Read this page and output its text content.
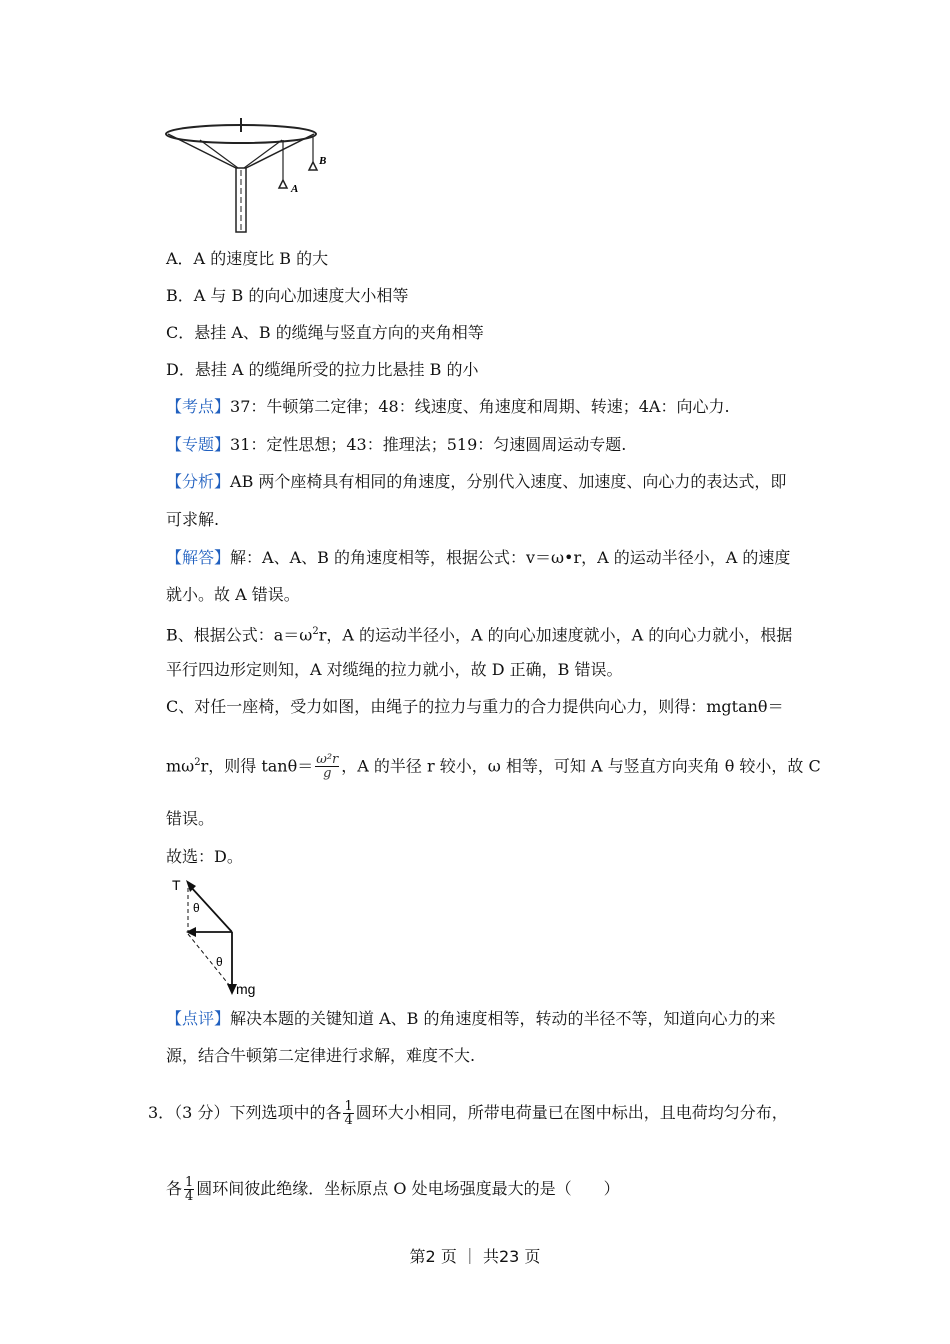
A
B
A．A 的速度比 B 的大
B．A 与 B 的向心加速度大小相等
C．悬挂 A、B 的缆绳与竖直方向的夹角相等
D．悬挂 A 的缆绳所受的拉力比悬挂 B 的小
【考点】37：牛顿第二定律；48：线速度、角速度和周期、转速；4A：向心力.
【专题】31：定性思想；43：推理法；519：匀速圆周运动专题.
【分析】AB 两个座椅具有相同的角速度，分别代入速度、加速度、向心力的表达式，即
可求解.
【解答】解：A、A、B 的角速度相等，根据公式：v＝ω•r，A 的运动半径小，A 的速度
就小。故 A 错误。
B、根据公式：$a=\omega^2r$，A 的运动半径小，A 的向心加速度就小，A 的向心力就小，根据
平行四边形定则知，A 对缆绳的拉力就小，故 D 正确，B 错误。
C、对任一座椅，受力如图，由绳子的拉力与重力的合力提供向心力，则得：mgtanθ＝
$m\omega^2r$，则得 $\tan\theta= \frac{\text{ω²r}}{g}$ ，A 的半径 r 较小，ω 相等，可知 A 与竖直方向夹角 θ 较小，故 C
错误。
故选：D。
T
θ
θ
mg
【点评】解决本题的关键知道 A、B 的角速度相等，转动的半径不等，知道向心力的来
源，结合牛顿第二定律进行求解，难度不大.
3．（3 分）下列选项中的各 $\frac{1}{4}$ 圆环大小相同，所带电荷量已在图中标出，且电荷均匀分布，
各 $\frac{1}{4}$ 圆环间彼此绝缘．坐标原点 O 处电场强度最大的是（　　）
第2 页 ｜ 共23 页
